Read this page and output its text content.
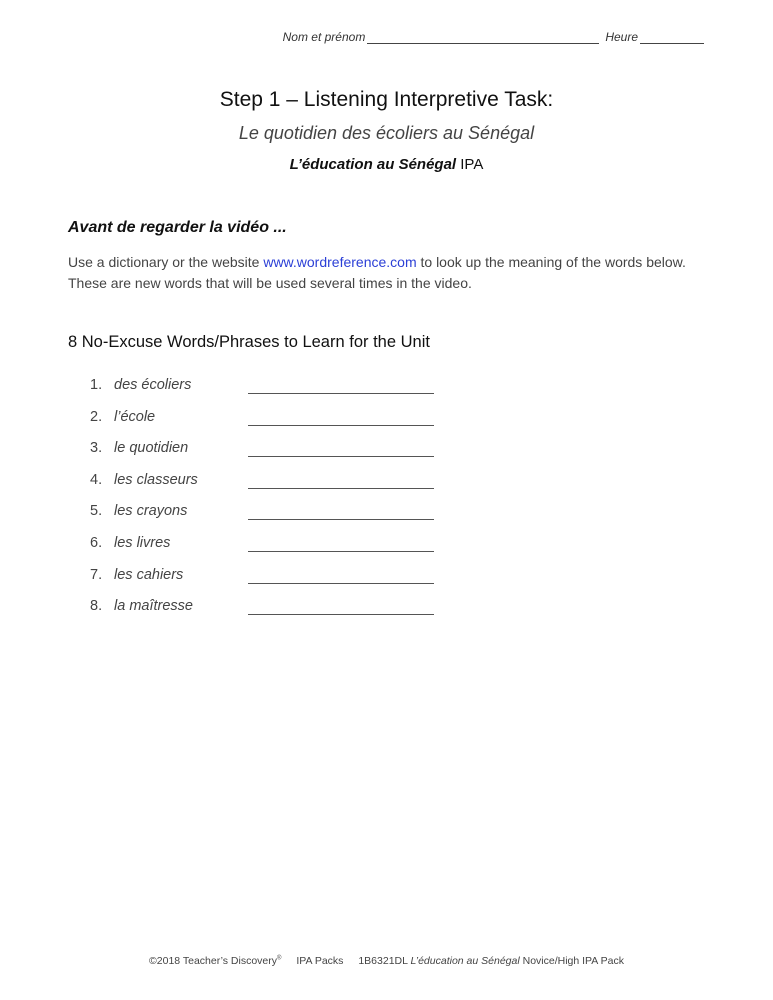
Nom et prénom	Heure
Step 1 – Listening Interpretive Task:
Le quotidien des écoliers au Sénégal
L’éducation au Sénégal IPA
Avant de regarder la vidéo ...
Use a dictionary or the website www.wordreference.com to look up the meaning of the words below. These are new words that will be used several times in the video.
8 No-Excuse Words/Phrases to Learn for the Unit
1. des écoliers
2. l’école
3. le quotidien
4. les classeurs
5. les crayons
6. les livres
7. les cahiers
8. la maîtresse
©2018 Teacher’s Discovery® IPA Packs 1B6321DL L’éducation au Sénégal Novice/High IPA Pack
